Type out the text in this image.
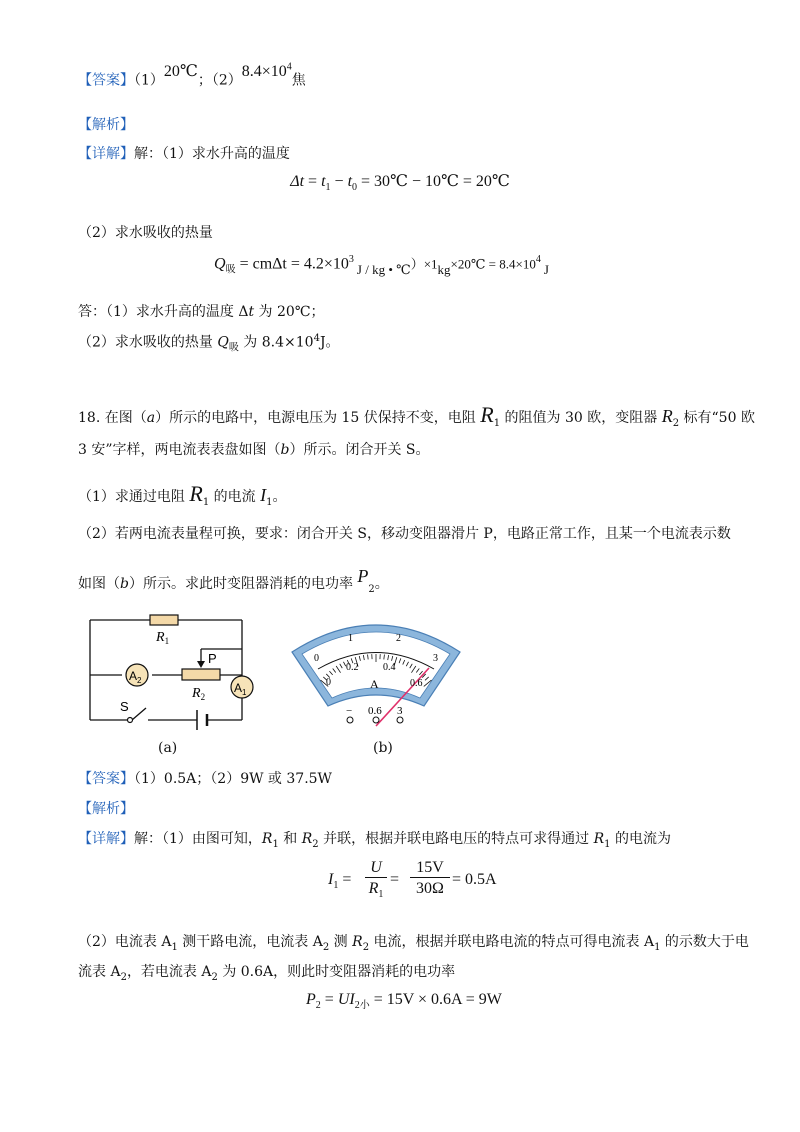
【答案】（1）20℃；$(2)8.4\times 10^4$焦
【解析】
【详解】解：（1）求水升高的温度
$\Delta t = t_1 - t_0$ = 30℃ − 10℃ = 20℃
（2）求水吸收的热量
$Q_吸 = cm\Delta t$ = $4.2\times 10^3_{J / kg • ℃})\times 1_{kg}\times 20℃ = 8.4\times 10^4_J$
答：（1）求水升高的温度 Δt 为 20℃；
（2）求水吸收的热量 $Q_吸$ 为 $8.4\times 10^4J$。
18. 在图（a）所示的电路中，电源电压为 15 伏保持不变，电阻 $R_1$ 的阻值为 30 欧，变阻器 $R_2$ 标有“50 欧
3 安”字样，两电流表表盘如图（b）所示。闭合开关 S。
（1）求通过电阻 $R_1$ 的电流 $I_1$。
（2）若两电流表量程可换，要求：闭合开关 S，移动变阻器滑片 P，电路正常工作，且某一个电流表示数
如图（b）所示。求此时变阻器消耗的电功率 $P_2$。
$R_1$
$R_2$
P
$A_2$
$A_1$
S
(a)
0
1	2
3
0
0.2 0.4
0.6
A
− 0.6 3
(b)
【答案】（1）0.5A；（2）9W 或 37.5W
【解析】
【详解】解：（1）由图可知，$R_1$ 和 $R_2$ 并联，根据并联电路电压的特点可求得通过 $R_1$ 的电流为
$I_1$ =
U
$R_1$
=
15V
30Ω
= 0.5A
（2）电流表 $A_1$ 测干路电流，电流表 $A_2$ 测 $R_2$ 电流，根据并联电路电流的特点可得电流表 $A_1$ 的示数大于电
流表 $A_2$，若电流表 $A_2$ 为 0.6A，则此时变阻器消耗的电功率
$P_2 = UI_{2小} = 15V \times 0.6A = 9W$
